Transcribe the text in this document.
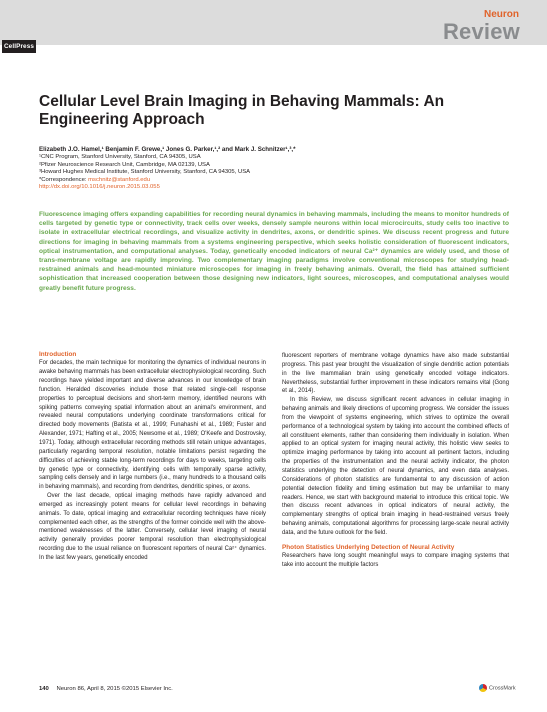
CellPress
Neuron
Review
Cellular Level Brain Imaging in Behaving Mammals: An Engineering Approach
Elizabeth J.O. Hamel,¹ Benjamin F. Grewe,¹ Jones G. Parker,¹,² and Mark J. Schnitzer¹,³,*
¹CNC Program, Stanford University, Stanford, CA 94305, USA
²Pfizer Neuroscience Research Unit, Cambridge, MA 02139, USA
³Howard Hughes Medical Institute, Stanford University, Stanford, CA 94305, USA
*Correspondence: mschnitz@stanford.edu
http://dx.doi.org/10.1016/j.neuron.2015.03.055
Fluorescence imaging offers expanding capabilities for recording neural dynamics in behaving mammals, including the means to monitor hundreds of cells targeted by genetic type or connectivity, track cells over weeks, densely sample neurons within local microcircuits, study cells too inactive to isolate in extracellular electrical recordings, and visualize activity in dendrites, axons, or dendritic spines. We discuss recent progress and future directions for imaging in behaving mammals from a systems engineering perspective, which seeks holistic consideration of fluorescent indicators, optical instrumentation, and computational analyses. Today, genetically encoded indicators of neural Ca²⁺ dynamics are widely used, and those of trans-membrane voltage are rapidly improving. Two complementary imaging paradigms involve conventional microscopes for studying head-restrained animals and head-mounted miniature microscopes for imaging in freely behaving animals. Overall, the field has attained sufficient sophistication that increased cooperation between those designing new indicators, light sources, microscopes, and computational analyses would greatly benefit future progress.
Introduction

For decades, the main technique for monitoring the dynamics of individual neurons in awake behaving mammals has been extracellular electrophysiological recording. Such recordings have yielded important and diverse advances in our knowledge of brain function. Heralded discoveries include those that related single-cell response properties to perceptual decisions and short-term memory, identified neurons with spiking patterns conveying spatial information about an animal's environment, and revealed neural computations underlying coordinate transformations critical for directed body movements (Batista et al., 1999; Funahashi et al., 1989; Fuster and Alexander, 1971; Hafting et al., 2005; Newsome et al., 1989; O'Keefe and Dostrovsky, 1971). Today, although extracellular recording methods still retain unique advantages, particularly regarding temporal resolution, notable limitations persist regarding the difficulties of achieving stable long-term recordings for days to weeks, targeting cells by genetic type or connectivity, identifying cells with temporally sparse activity, sampling cells densely and in large numbers (i.e., many hundreds to a thousand cells in behaving mammals), and recording from dendrites, dendritic spines, or axons.

Over the last decade, optical imaging methods have rapidly advanced and emerged as increasingly potent means for cellular level recordings in behaving animals. To date, optical imaging and extracellular recording techniques have nicely complemented each other, as the strengths of the former coincide well with the above-mentioned weaknesses of the latter. Conversely, cellular level imaging of neural activity generally provides poorer temporal resolution than electrophysiological recording due to the usual reliance on fluorescent reporters of neural Ca²⁺ dynamics. In the last few years, genetically encoded

fluorescent reporters of membrane voltage dynamics have also made substantial progress. This past year brought the visualization of single dendritic action potentials in the live mammalian brain using genetically encoded voltage indicators. Nevertheless, substantial further improvement in these indicators remains vital (Gong et al., 2014).

In this Review, we discuss significant recent advances in cellular imaging in behaving animals and likely directions of upcoming progress. We consider the issues from the viewpoint of systems engineering, which strives to optimize the overall performance of a technological system by taking into account the combined effects of all constituent elements, rather than considering them individually in isolation. When applied to an optical system for imaging neural activity, this holistic view seeks to optimize imaging performance by taking into account all pertinent factors, including the properties of the instrumentation and the neural activity indicator, the photon statistics underlying the detection of neural dynamics, and even data analyses. Considerations of photon statistics are fundamental to any discussion of action potential detection fidelity and timing estimation but may be unfamiliar to many readers. Hence, we start with background material to introduce this critical topic. We then discuss recent advances in optical indicators of neural activity, the complementary strengths of optical brain imaging in head-restrained versus freely behaving animals, computational algorithms for processing large-scale neural activity data, and the future outlook for the field.

Photon Statistics Underlying Detection of Neural Activity

Researchers have long sought meaningful ways to compare imaging systems that take into account the multiple factors

140 Neuron 86, April 8, 2015 ©2015 Elsevier Inc.	CrossMark
